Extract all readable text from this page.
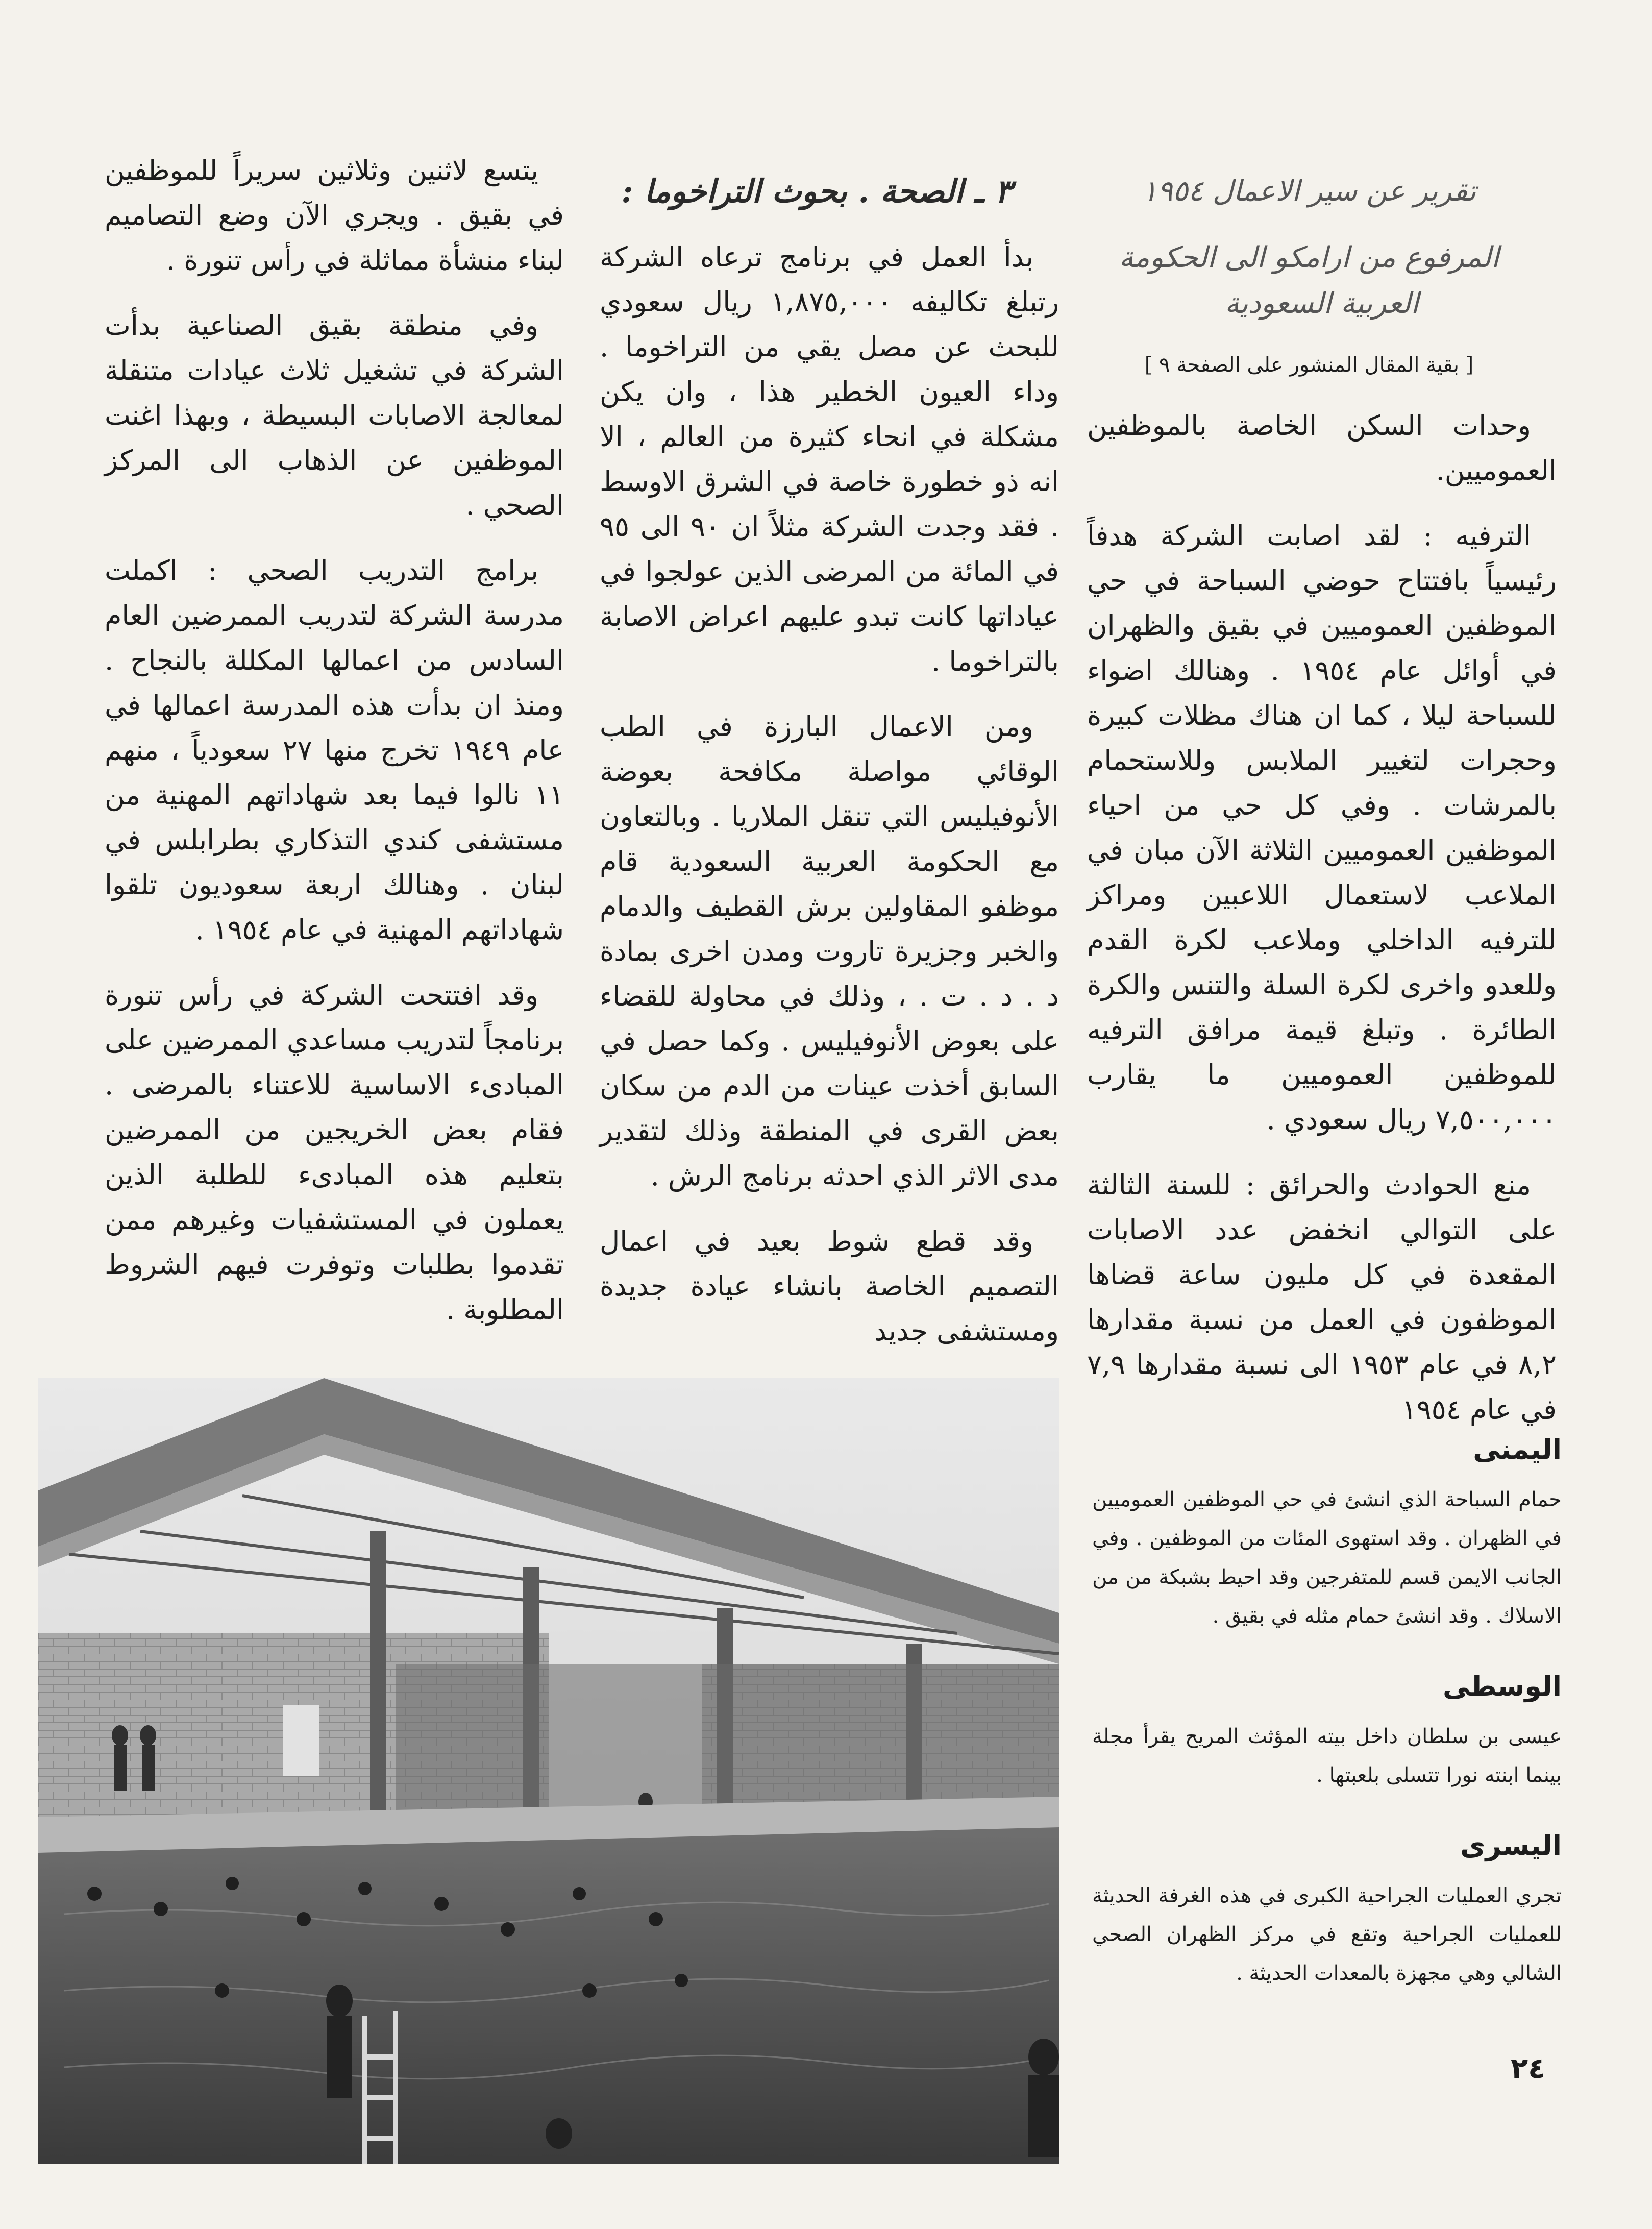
تقرير عن سير الاعمال ١٩٥٤

المرفوع من ارامكو الى الحكومة العربية السعودية

[ بقية المقال المنشور على الصفحة ٩ ]

وحدات السكن الخاصة بالموظفين العموميين.

الترفيه : لقد اصابت الشركة هدفاً رئيسياً بافتتاح حوضي السباحة في حي الموظفين العموميين في بقيق والظهران في أوائل عام ١٩٥٤ . وهنالك اضواء للسباحة ليلا ، كما ان هناك مظلات كبيرة وحجرات لتغيير الملابس وللاستحمام بالمرشات . وفي كل حي من احياء الموظفين العموميين الثلاثة الآن مبان في الملاعب لاستعمال اللاعبين ومراكز للترفيه الداخلي وملاعب لكرة القدم وللعدو واخرى لكرة السلة والتنس والكرة الطائرة . وتبلغ قيمة مرافق الترفيه للموظفين العموميين ما يقارب ٧,٥٠٠,٠٠٠ ريال سعودي .

منع الحوادث والحرائق : للسنة الثالثة على التوالي انخفض عدد الاصابات المقعدة في كل مليون ساعة قضاها الموظفون في العمل من نسبة مقدارها ٨,٢ في عام ١٩٥٣ الى نسبة مقدارها ٧,٩ في عام ١٩٥٤

٣ ـ الصحة . بحوث التراخوما :

بدأ العمل في برنامج ترعاه الشركة رتبلغ تكاليفه ١,٨٧٥,٠٠٠ ريال سعودي للبحث عن مصل يقي من التراخوما . وداء العيون الخطير هذا ، وان يكن مشكلة في انحاء كثيرة من العالم ، الا انه ذو خطورة خاصة في الشرق الاوسط . فقد وجدت الشركة مثلاً ان ٩٠ الى ٩٥ في المائة من المرضى الذين عولجوا في عياداتها كانت تبدو عليهم اعراض الاصابة بالتراخوما .

ومن الاعمال البارزة في الطب الوقائي مواصلة مكافحة بعوضة الأنوفيليس التي تنقل الملاريا . وبالتعاون مع الحكومة العربية السعودية قام موظفو المقاولين برش القطيف والدمام والخبر وجزيرة تاروت ومدن اخرى بمادة د . د . ت . ، وذلك في محاولة للقضاء على بعوض الأنوفيليس . وكما حصل في السابق أخذت عينات من الدم من سكان بعض القرى في المنطقة وذلك لتقدير مدى الاثر الذي احدثه برنامج الرش .

وقد قطع شوط بعيد في اعمال التصميم الخاصة بانشاء عيادة جديدة ومستشفى جديد

يتسع لاثنين وثلاثين سريراً للموظفين في بقيق . ويجري الآن وضع التصاميم لبناء منشأة مماثلة في رأس تنورة .

وفي منطقة بقيق الصناعية بدأت الشركة في تشغيل ثلاث عيادات متنقلة لمعالجة الاصابات البسيطة ، وبهذا اغنت الموظفين عن الذهاب الى المركز الصحي .

برامج التدريب الصحي : اكملت مدرسة الشركة لتدريب الممرضين العام السادس من اعمالها المكللة بالنجاح . ومنذ ان بدأت هذه المدرسة اعمالها في عام ١٩٤٩ تخرج منها ٢٧ سعودياً ، منهم ١١ نالوا فيما بعد شهاداتهم المهنية من مستشفى كندي التذكاري بطرابلس في لبنان . وهنالك اربعة سعوديون تلقوا شهاداتهم المهنية في عام ١٩٥٤ .

وقد افتتحت الشركة في رأس تنورة برنامجاً لتدريب مساعدي الممرضين على المبادىء الاساسية للاعتناء بالمرضى . فقام بعض الخريجين من الممرضين بتعليم هذه المبادىء للطلبة الذين يعملون في المستشفيات وغيرهم ممن تقدموا بطلبات وتوفرت فيهم الشروط المطلوبة .

اليمنى
حمام السباحة الذي انشئ في حي الموظفين العموميين في الظهران . وقد استهوى المئات من الموظفين . وفي الجانب الايمن قسم للمتفرجين وقد احيط بشبكة من من الاسلاك . وقد انشئ حمام مثله في بقيق .
الوسطى
عيسى بن سلطان داخل بيته المؤثث المريح يقرأ مجلة بينما ابنته نورا تتسلى بلعبتها .
اليسرى
تجري العمليات الجراحية الكبرى في هذه الغرفة الحديثة للعمليات الجراحية وتقع في مركز الظهران الصحي الشالي وهي مجهزة بالمعدات الحديثة .
٢٤
